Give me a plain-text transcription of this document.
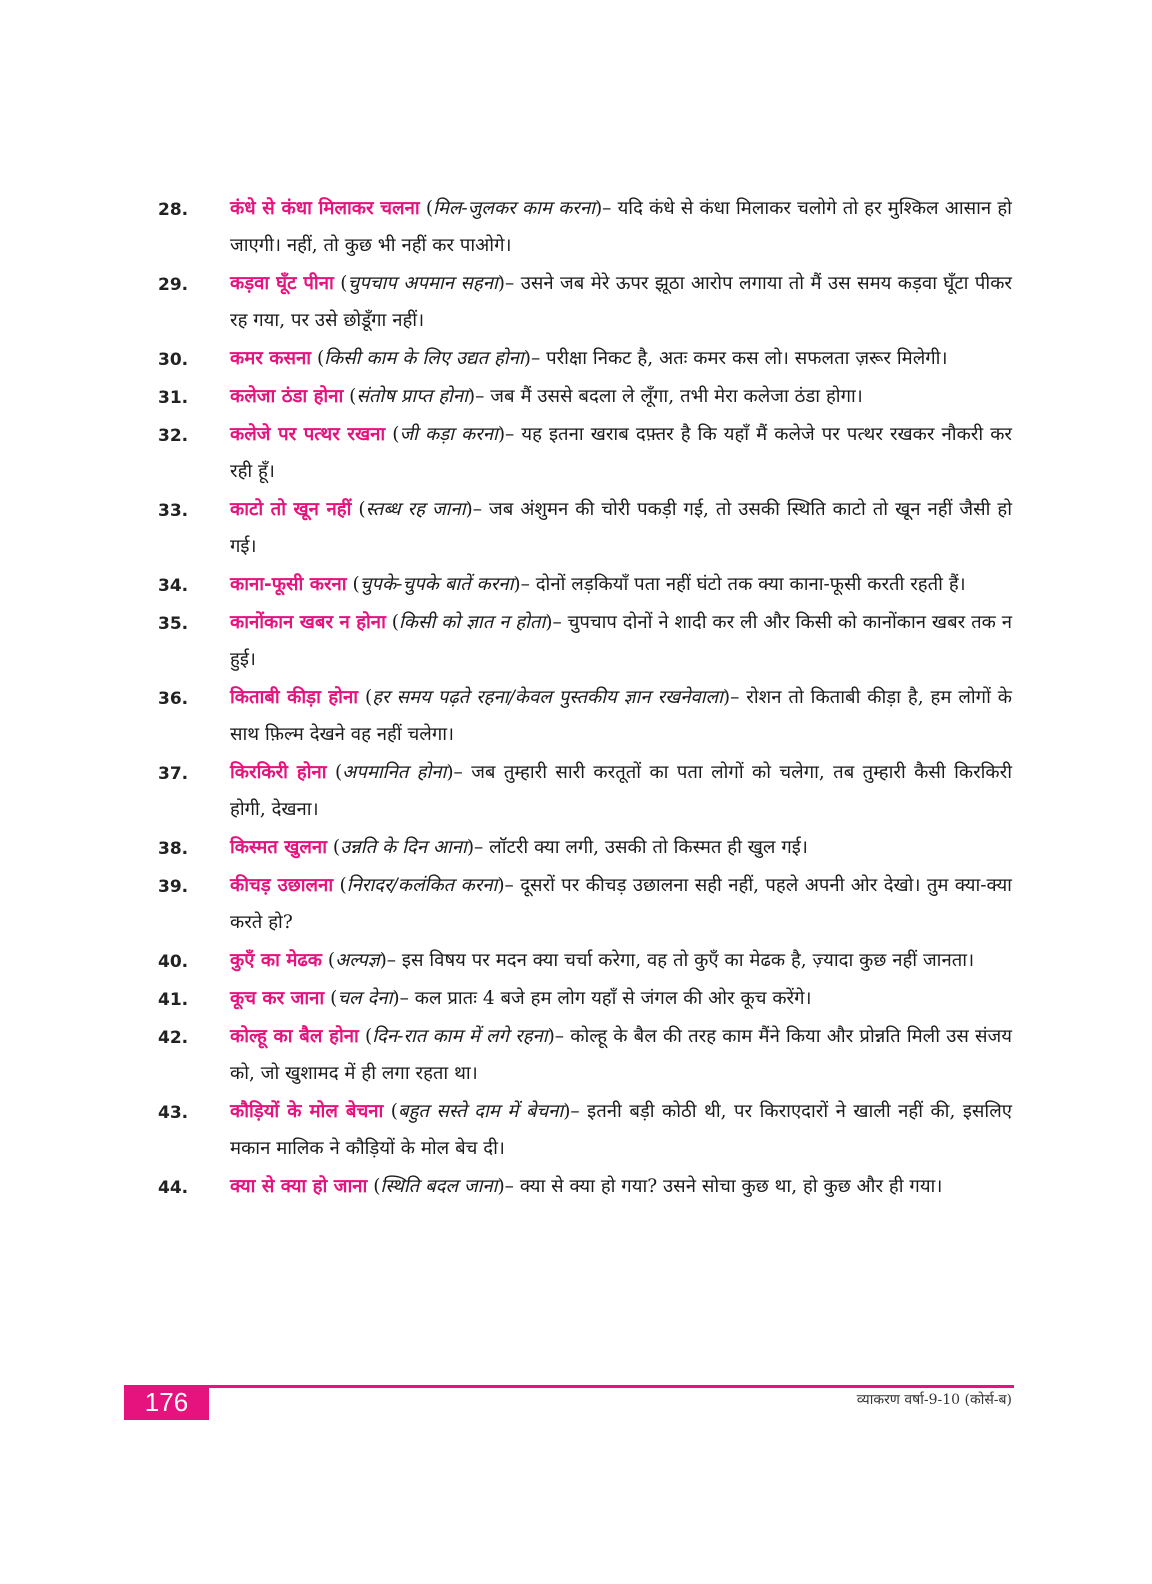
28. कंधे से कंधा मिलाकर चलना (मिल-जुलकर काम करना)– यदि कंधे से कंधा मिलाकर चलोगे तो हर मुश्किल आसान हो जाएगी। नहीं, तो कुछ भी नहीं कर पाओगे।
29. कड़वा घूँट पीना (चुपचाप अपमान सहना)– उसने जब मेरे ऊपर झूठा आरोप लगाया तो मैं उस समय कड़वा घूँटा पीकर रह गया, पर उसे छोडूँगा नहीं।
30. कमर कसना (किसी काम के लिए उद्यत होना)– परीक्षा निकट है, अतः कमर कस लो। सफलता ज़रूर मिलेगी।
31. कलेजा ठंडा होना (संतोष प्राप्त होना)– जब मैं उससे बदला ले लूँगा, तभी मेरा कलेजा ठंडा होगा।
32. कलेजे पर पत्थर रखना (जी कड़ा करना)– यह इतना खराब दफ़्तर है कि यहाँ मैं कलेजे पर पत्थर रखकर नौकरी कर रही हूँ।
33. काटो तो खून नहीं (स्तब्ध रह जाना)– जब अंशुमन की चोरी पकड़ी गई, तो उसकी स्थिति काटो तो खून नहीं जैसी हो गई।
34. काना-फूसी करना (चुपके-चुपके बातें करना)– दोनों लड़कियाँ पता नहीं घंटो तक क्या काना-फूसी करती रहती हैं।
35. कानोंकान खबर न होना (किसी को ज्ञात न होता)– चुपचाप दोनों ने शादी कर ली और किसी को कानोंकान खबर तक न हुई।
36. किताबी कीड़ा होना (हर समय पढ़ते रहना/केवल पुस्तकीय ज्ञान रखनेवाला)– रोशन तो किताबी कीड़ा है, हम लोगों के साथ फ़िल्म देखने वह नहीं चलेगा।
37. किरकिरी होना (अपमानित होना)– जब तुम्हारी सारी करतूतों का पता लोगों को चलेगा, तब तुम्हारी कैसी किरकिरी होगी, देखना।
38. किस्मत खुलना (उन्नति के दिन आना)– लॉटरी क्या लगी, उसकी तो किस्मत ही खुल गई।
39. कीचड़ उछालना (निरादर/कलंकित करना)– दूसरों पर कीचड़ उछालना सही नहीं, पहले अपनी ओर देखो। तुम क्या-क्या करते हो?
40. कुएँ का मेढक (अल्पज्ञ)– इस विषय पर मदन क्या चर्चा करेगा, वह तो कुएँ का मेढक है, ज़्यादा कुछ नहीं जानता।
41. कूच कर जाना (चल देना)– कल प्रातः 4 बजे हम लोग यहाँ से जंगल की ओर कूच करेंगे।
42. कोल्हू का बैल होना (दिन-रात काम में लगे रहना)– कोल्हू के बैल की तरह काम मैंने किया और प्रोन्नति मिली उस संजय को, जो खुशामद में ही लगा रहता था।
43. कौड़ियों के मोल बेचना (बहुत सस्ते दाम में बेचना)– इतनी बड़ी कोठी थी, पर किराएदारों ने खाली नहीं की, इसलिए मकान मालिक ने कौड़ियों के मोल बेच दी।
44. क्या से क्या हो जाना (स्थिति बदल जाना)– क्या से क्या हो गया? उसने सोचा कुछ था, हो कुछ और ही गया।
176	व्याकरण वर्षा-9-10 (कोर्स-ब)
